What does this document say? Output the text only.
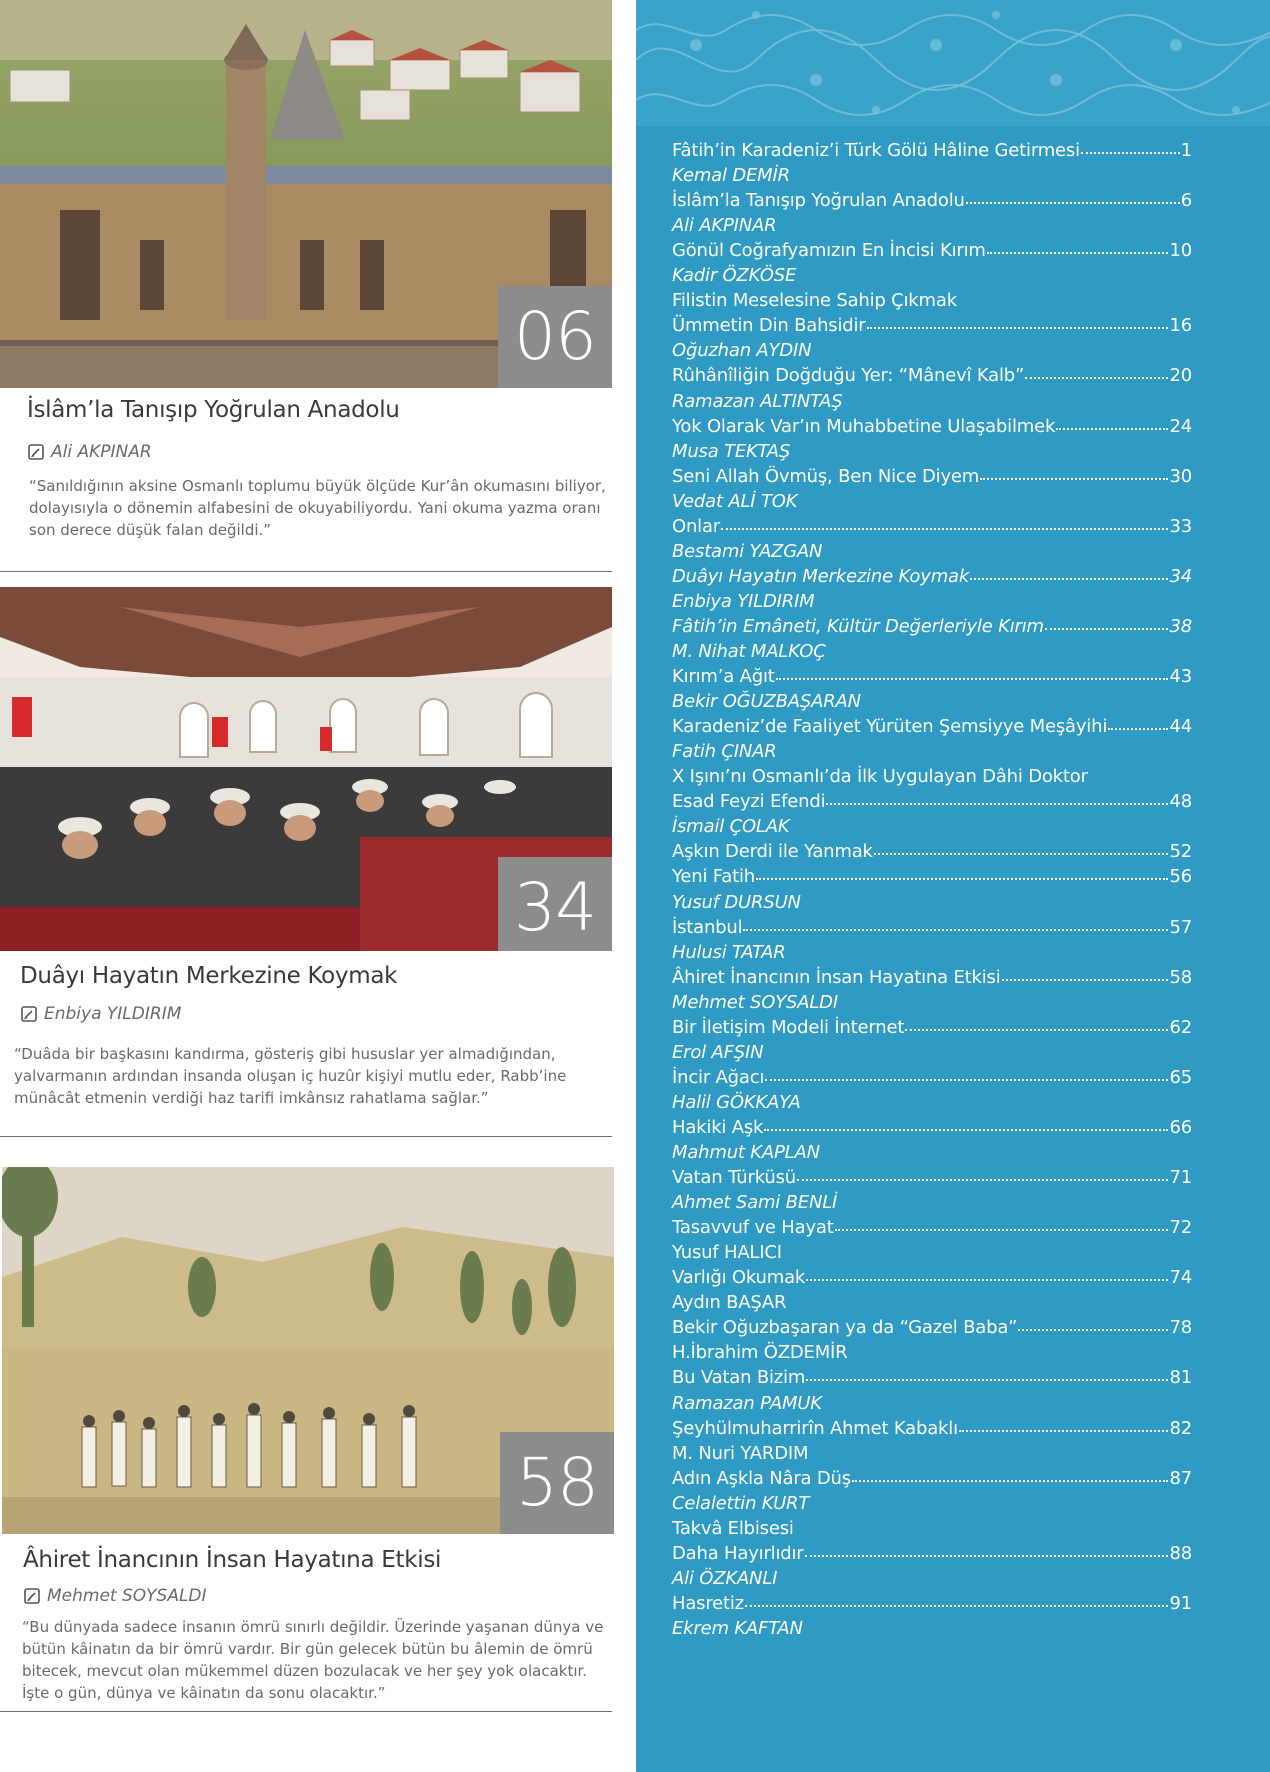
06
İslâm’la Tanışıp Yoğrulan Anadolu
Ali AKPINAR
“Sanıldığının aksine Osmanlı toplumu büyük ölçüde Kur’ân okumasını biliyor, dolayısıyla o dönemin alfabesini de okuyabiliyordu. Yani okuma yazma oranı son derece düşük falan değildi.”
34
Duâyı Hayatın Merkezine Koymak
Enbiya YILDIRIM
“Duâda bir başkasını kandırma, gösteriş gibi hususlar yer almadığından, yalvarmanın ardından insanda oluşan iç huzûr kişiyi mutlu eder, Rabb’ine münâcât etmenin verdiği haz tarifi imkânsız rahatlama sağlar.”
58
Âhiret İnancının İnsan Hayatına Etkisi
Mehmet SOYSALDI
“Bu dünyada sadece insanın ömrü sınırlı değildir. Üzerinde yaşanan dünya ve bütün kâinatın da bir ömrü vardır. Bir gün gelecek bütün bu âlemin de ömrü bitecek, mevcut olan mükemmel düzen bozulacak ve her şey yok olacaktır. İşte o gün, dünya ve kâinatın da sonu olacaktır.”
Fâtih’in Karadeniz’i Türk Gölü Hâline Getirmesi	1
Kemal DEMİR
İslâm’la Tanışıp Yoğrulan Anadolu	6
Ali AKPINAR
Gönül Coğrafyamızın En İncisi Kırım	10
Kadir ÖZKÖSE
Filistin Meselesine Sahip Çıkmak
Ümmetin Din Bahsidir	16
Oğuzhan AYDIN
Rûhânîliğin Doğduğu Yer: “Mânevî Kalb”	20
Ramazan ALTINTAŞ
Yok Olarak Var’ın Muhabbetine Ulaşabilmek	24
Musa TEKTAŞ
Seni Allah Övmüş, Ben Nice Diyem	30
Vedat ALİ TOK
Onlar	33
Bestami YAZGAN
Duâyı Hayatın Merkezine Koymak	34
Enbiya YILDIRIM
Fâtih’in Emâneti, Kültür Değerleriyle Kırım	38
M. Nihat MALKOÇ
Kırım’a Ağıt	43
Bekir OĞUZBAŞARAN
Karadeniz’de Faaliyet Yürüten Şemsiyye Meşâyihi	44
Fatih ÇINAR
X Işını’nı Osmanlı’da İlk Uygulayan Dâhi Doktor
Esad Feyzi Efendi	48
İsmail ÇOLAK
Aşkın Derdi ile Yanmak	52
Yeni Fatih	56
Yusuf DURSUN
İstanbul	57
Hulusi TATAR
Âhiret İnancının İnsan Hayatına Etkisi	58
Mehmet SOYSALDI
Bir İletişim Modeli İnternet	62
Erol AFŞIN
İncir Ağacı	65
Halil GÖKKAYA
Hakiki Aşk	66
Mahmut KAPLAN
Vatan Türküsü	71
Ahmet Sami BENLİ
Tasavvuf ve Hayat	72
Yusuf HALICI
Varlığı Okumak	74
Aydın BAŞAR
Bekir Oğuzbaşaran ya da “Gazel Baba”	78
H.İbrahim ÖZDEMİR
Bu Vatan Bizim	81
Ramazan PAMUK
Şeyhülmuharrirîn Ahmet Kabaklı	82
M. Nuri YARDIM
Adın Aşkla Nâra Düş	87
Celalettin KURT
Takvâ Elbisesi
Daha Hayırlıdır	88
Ali ÖZKANLI
Hasretiz	91
Ekrem KAFTAN
